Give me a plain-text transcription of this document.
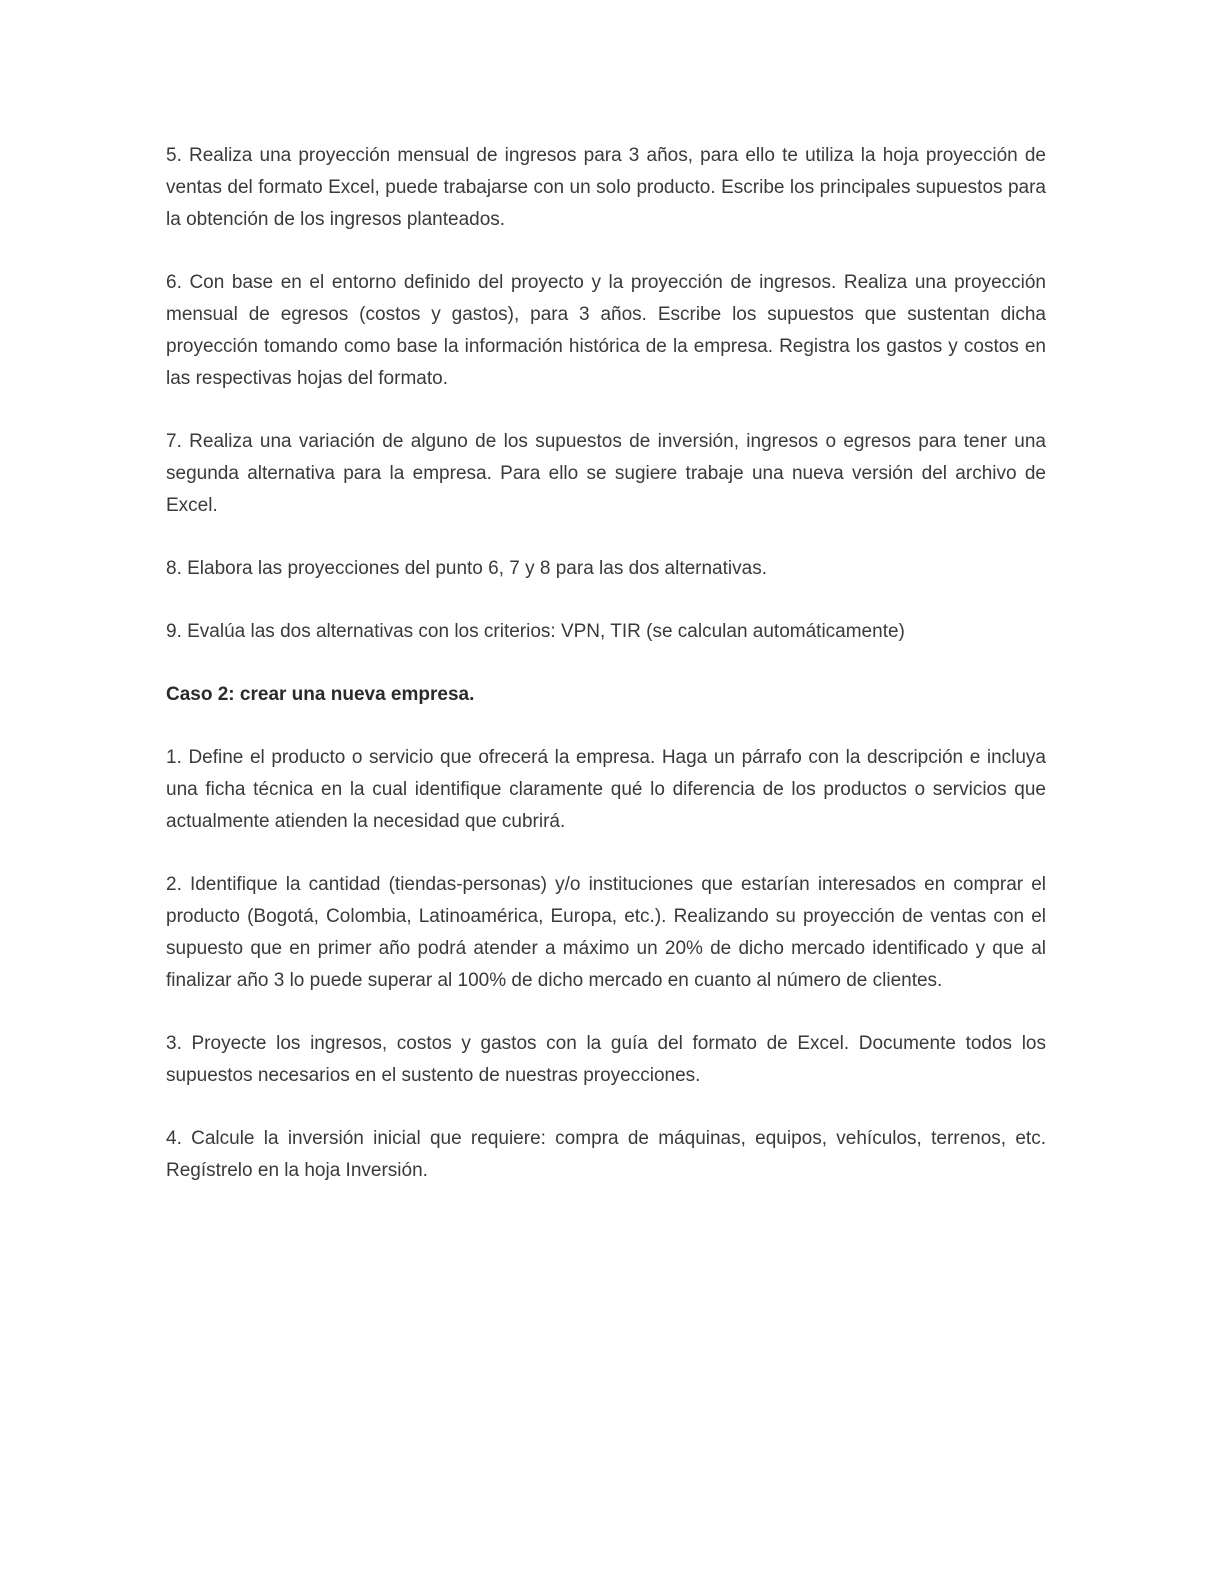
5. Realiza una proyección mensual de ingresos para 3 años, para ello te utiliza la hoja proyección de ventas del formato Excel, puede trabajarse con un solo producto. Escribe los principales supuestos para la obtención de los ingresos planteados.

6. Con base en el entorno definido del proyecto y la proyección de ingresos. Realiza una proyección mensual de egresos (costos y gastos), para 3 años. Escribe los supuestos que sustentan dicha proyección tomando como base la información histórica de la empresa. Registra los gastos y costos en las respectivas hojas del formato.

7. Realiza una variación de alguno de los supuestos de inversión, ingresos o egresos para tener una segunda alternativa para la empresa. Para ello se sugiere trabaje una nueva versión del archivo de Excel.

8. Elabora las proyecciones del punto 6, 7 y 8 para las dos alternativas.

9. Evalúa las dos alternativas con los criterios: VPN, TIR (se calculan automáticamente)

Caso 2: crear una nueva empresa.

1. Define el producto o servicio que ofrecerá la empresa. Haga un párrafo con la descripción e incluya una ficha técnica en la cual identifique claramente qué lo diferencia de los productos o servicios que actualmente atienden la necesidad que cubrirá.

2. Identifique la cantidad (tiendas-personas) y/o instituciones que estarían interesados en comprar el producto (Bogotá, Colombia, Latinoamérica, Europa, etc.). Realizando su proyección de ventas con el supuesto que en primer año podrá atender a máximo un 20% de dicho mercado identificado y que al finalizar año 3 lo puede superar al 100% de dicho mercado en cuanto al número de clientes.

3. Proyecte los ingresos, costos y gastos con la guía del formato de Excel. Documente todos los supuestos necesarios en el sustento de nuestras proyecciones.

4. Calcule la inversión inicial que requiere: compra de máquinas, equipos, vehículos, terrenos, etc. Regístrelo en la hoja Inversión.
